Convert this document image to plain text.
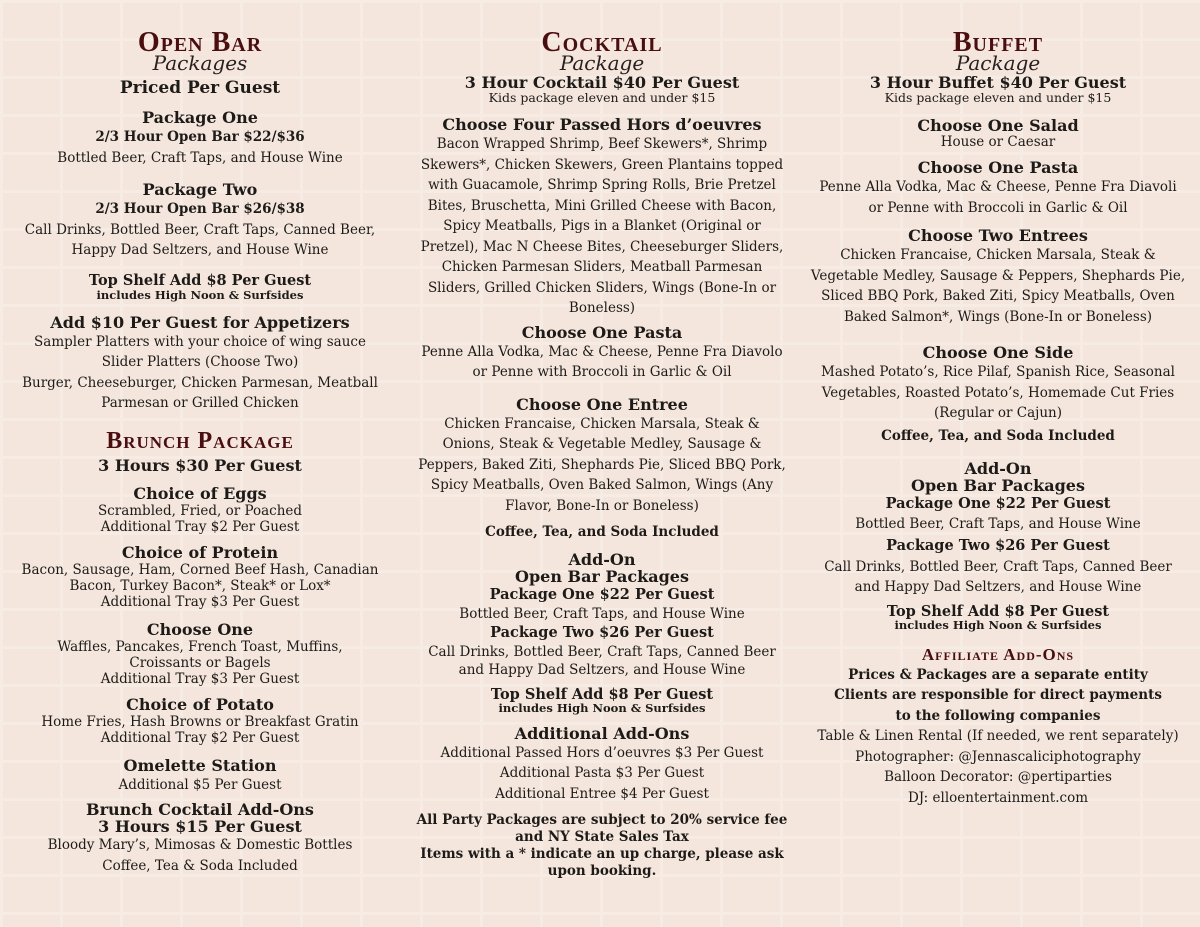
Open Bar
Packages
Priced Per Guest
Package One
2/3 Hour Open Bar $22/$36
Bottled Beer, Craft Taps, and House Wine
Package Two
2/3 Hour Open Bar $26/$38
Call Drinks, Bottled Beer, Craft Taps, Canned Beer,
Happy Dad Seltzers, and House Wine
Top Shelf Add $8 Per Guest
includes High Noon & Surfsides
Add $10 Per Guest for Appetizers
Sampler Platters with your choice of wing sauce
Slider Platters (Choose Two)
Burger, Cheeseburger, Chicken Parmesan, Meatball
Parmesan or Grilled Chicken
Brunch Package
3 Hours $30 Per Guest
Choice of Eggs
Scrambled, Fried, or Poached
Additional Tray $2 Per Guest
Choice of Protein
Bacon, Sausage, Ham, Corned Beef Hash, Canadian
Bacon, Turkey Bacon*, Steak* or Lox*
Additional Tray $3 Per Guest
Choose One
Waffles, Pancakes, French Toast, Muffins,
Croissants or Bagels
Additional Tray $3 Per Guest
Choice of Potato
Home Fries, Hash Browns or Breakfast Gratin
Additional Tray $2 Per Guest
Omelette Station
Additional $5 Per Guest
Brunch Cocktail Add-Ons
3 Hours $15 Per Guest
Bloody Mary’s, Mimosas & Domestic Bottles
Coffee, Tea & Soda Included
Cocktail
Package
3 Hour Cocktail $40 Per Guest
Kids package eleven and under $15
Choose Four Passed Hors d’oeuvres
Bacon Wrapped Shrimp, Beef Skewers*, Shrimp
Skewers*, Chicken Skewers, Green Plantains topped
with Guacamole, Shrimp Spring Rolls, Brie Pretzel
Bites, Bruschetta, Mini Grilled Cheese with Bacon,
Spicy Meatballs, Pigs in a Blanket (Original or
Pretzel), Mac N Cheese Bites, Cheeseburger Sliders,
Chicken Parmesan Sliders, Meatball Parmesan
Sliders, Grilled Chicken Sliders, Wings (Bone-In or
Boneless)
Choose One Pasta
Penne Alla Vodka, Mac & Cheese, Penne Fra Diavolo
or Penne with Broccoli in Garlic & Oil
Choose One Entree
Chicken Francaise, Chicken Marsala, Steak &
Onions, Steak & Vegetable Medley, Sausage &
Peppers, Baked Ziti, Shephards Pie, Sliced BBQ Pork,
Spicy Meatballs, Oven Baked Salmon, Wings (Any
Flavor, Bone-In or Boneless)
Coffee, Tea, and Soda Included
Add-On
Open Bar Packages
Package One $22 Per Guest
Bottled Beer, Craft Taps, and House Wine
Package Two $26 Per Guest
Call Drinks, Bottled Beer, Craft Taps, Canned Beer
and Happy Dad Seltzers, and House Wine
Top Shelf Add $8 Per Guest
includes High Noon & Surfsides
Additional Add-Ons
Additional Passed Hors d’oeuvres $3 Per Guest
Additional Pasta $3 Per Guest
Additional Entree $4 Per Guest
All Party Packages are subject to 20% service fee
and NY State Sales Tax
Items with a * indicate an up charge, please ask
upon booking.
Buffet
Package
3 Hour Buffet $40 Per Guest
Kids package eleven and under $15
Choose One Salad
House or Caesar
Choose One Pasta
Penne Alla Vodka, Mac & Cheese, Penne Fra Diavoli
or Penne with Broccoli in Garlic & Oil
Choose Two Entrees
Chicken Francaise, Chicken Marsala, Steak &
Vegetable Medley, Sausage & Peppers, Shephards Pie,
Sliced BBQ Pork, Baked Ziti, Spicy Meatballs, Oven
Baked Salmon*, Wings (Bone-In or Boneless)
Choose One Side
Mashed Potato’s, Rice Pilaf, Spanish Rice, Seasonal
Vegetables, Roasted Potato’s, Homemade Cut Fries
(Regular or Cajun)
Coffee, Tea, and Soda Included
Add-On
Open Bar Packages
Package One $22 Per Guest
Bottled Beer, Craft Taps, and House Wine
Package Two $26 Per Guest
Call Drinks, Bottled Beer, Craft Taps, Canned Beer
and Happy Dad Seltzers, and House Wine
Top Shelf Add $8 Per Guest
includes High Noon & Surfsides
Affiliate Add-Ons
Prices & Packages are a separate entity
Clients are responsible for direct payments
to the following companies
Table & Linen Rental (If needed, we rent separately)
Photographer: @Jennascaliciphotography
Balloon Decorator: @pertiparties
DJ: elloentertainment.com
